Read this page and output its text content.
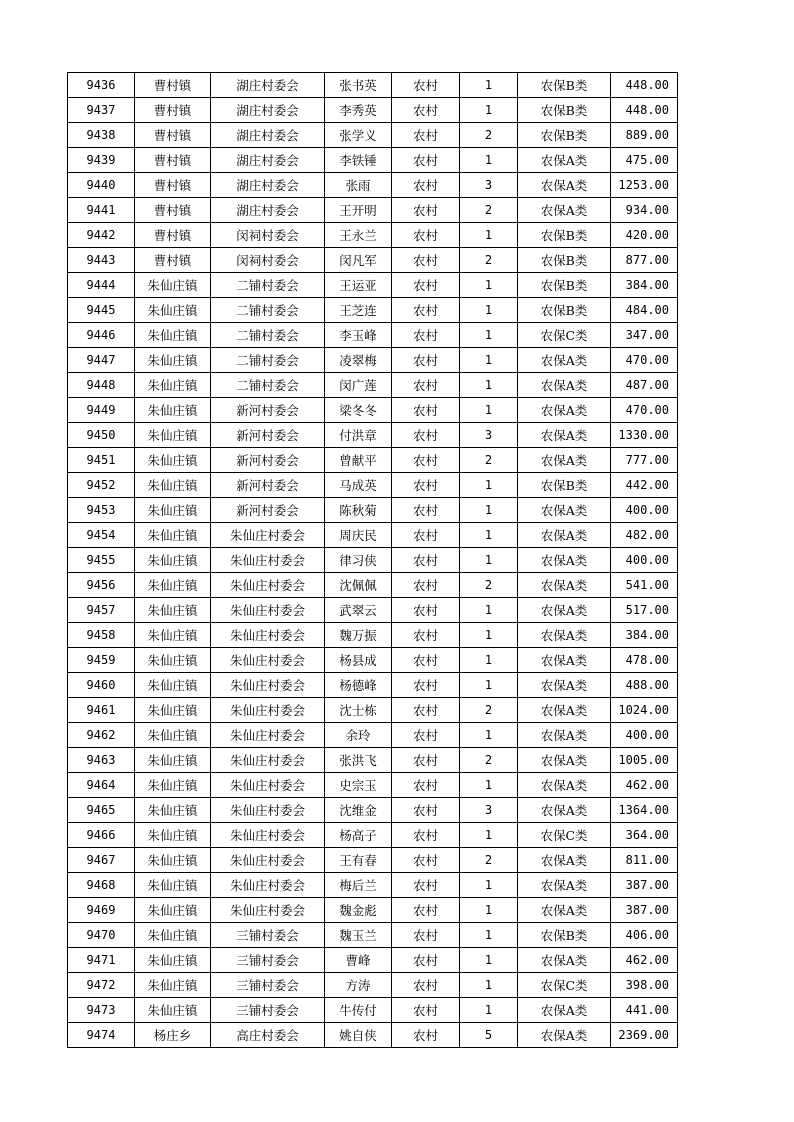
9436	曹村镇	湖庄村委会	张书英	农村	1	农保B类	448.00
9437	曹村镇	湖庄村委会	李秀英	农村	1	农保B类	448.00
9438	曹村镇	湖庄村委会	张学义	农村	2	农保B类	889.00
9439	曹村镇	湖庄村委会	李铁锤	农村	1	农保A类	475.00
9440	曹村镇	湖庄村委会	张雨	农村	3	农保A类	1253.00
9441	曹村镇	湖庄村委会	王开明	农村	2	农保A类	934.00
9442	曹村镇	闵祠村委会	王永兰	农村	1	农保B类	420.00
9443	曹村镇	闵祠村委会	闵凡军	农村	2	农保B类	877.00
9444	朱仙庄镇	二铺村委会	王运亚	农村	1	农保B类	384.00
9445	朱仙庄镇	二铺村委会	王芝连	农村	1	农保B类	484.00
9446	朱仙庄镇	二铺村委会	李玉峰	农村	1	农保C类	347.00
9447	朱仙庄镇	二铺村委会	凌翠梅	农村	1	农保A类	470.00
9448	朱仙庄镇	二铺村委会	闵广莲	农村	1	农保A类	487.00
9449	朱仙庄镇	新河村委会	梁冬冬	农村	1	农保A类	470.00
9450	朱仙庄镇	新河村委会	付洪章	农村	3	农保A类	1330.00
9451	朱仙庄镇	新河村委会	曾献平	农村	2	农保A类	777.00
9452	朱仙庄镇	新河村委会	马成英	农村	1	农保B类	442.00
9453	朱仙庄镇	新河村委会	陈秋菊	农村	1	农保A类	400.00
9454	朱仙庄镇	朱仙庄村委会	周庆民	农村	1	农保A类	482.00
9455	朱仙庄镇	朱仙庄村委会	律习侠	农村	1	农保A类	400.00
9456	朱仙庄镇	朱仙庄村委会	沈佩佩	农村	2	农保A类	541.00
9457	朱仙庄镇	朱仙庄村委会	武翠云	农村	1	农保A类	517.00
9458	朱仙庄镇	朱仙庄村委会	魏万振	农村	1	农保A类	384.00
9459	朱仙庄镇	朱仙庄村委会	杨县成	农村	1	农保A类	478.00
9460	朱仙庄镇	朱仙庄村委会	杨德峰	农村	1	农保A类	488.00
9461	朱仙庄镇	朱仙庄村委会	沈士栋	农村	2	农保A类	1024.00
9462	朱仙庄镇	朱仙庄村委会	余玲	农村	1	农保A类	400.00
9463	朱仙庄镇	朱仙庄村委会	张洪飞	农村	2	农保A类	1005.00
9464	朱仙庄镇	朱仙庄村委会	史宗玉	农村	1	农保A类	462.00
9465	朱仙庄镇	朱仙庄村委会	沈维金	农村	3	农保A类	1364.00
9466	朱仙庄镇	朱仙庄村委会	杨高子	农村	1	农保C类	364.00
9467	朱仙庄镇	朱仙庄村委会	王有春	农村	2	农保A类	811.00
9468	朱仙庄镇	朱仙庄村委会	梅后兰	农村	1	农保A类	387.00
9469	朱仙庄镇	朱仙庄村委会	魏金彪	农村	1	农保A类	387.00
9470	朱仙庄镇	三铺村委会	魏玉兰	农村	1	农保B类	406.00
9471	朱仙庄镇	三铺村委会	曹峰	农村	1	农保A类	462.00
9472	朱仙庄镇	三铺村委会	方涛	农村	1	农保C类	398.00
9473	朱仙庄镇	三铺村委会	牛传付	农村	1	农保A类	441.00
9474	杨庄乡	高庄村委会	姚自侠	农村	5	农保A类	2369.00
